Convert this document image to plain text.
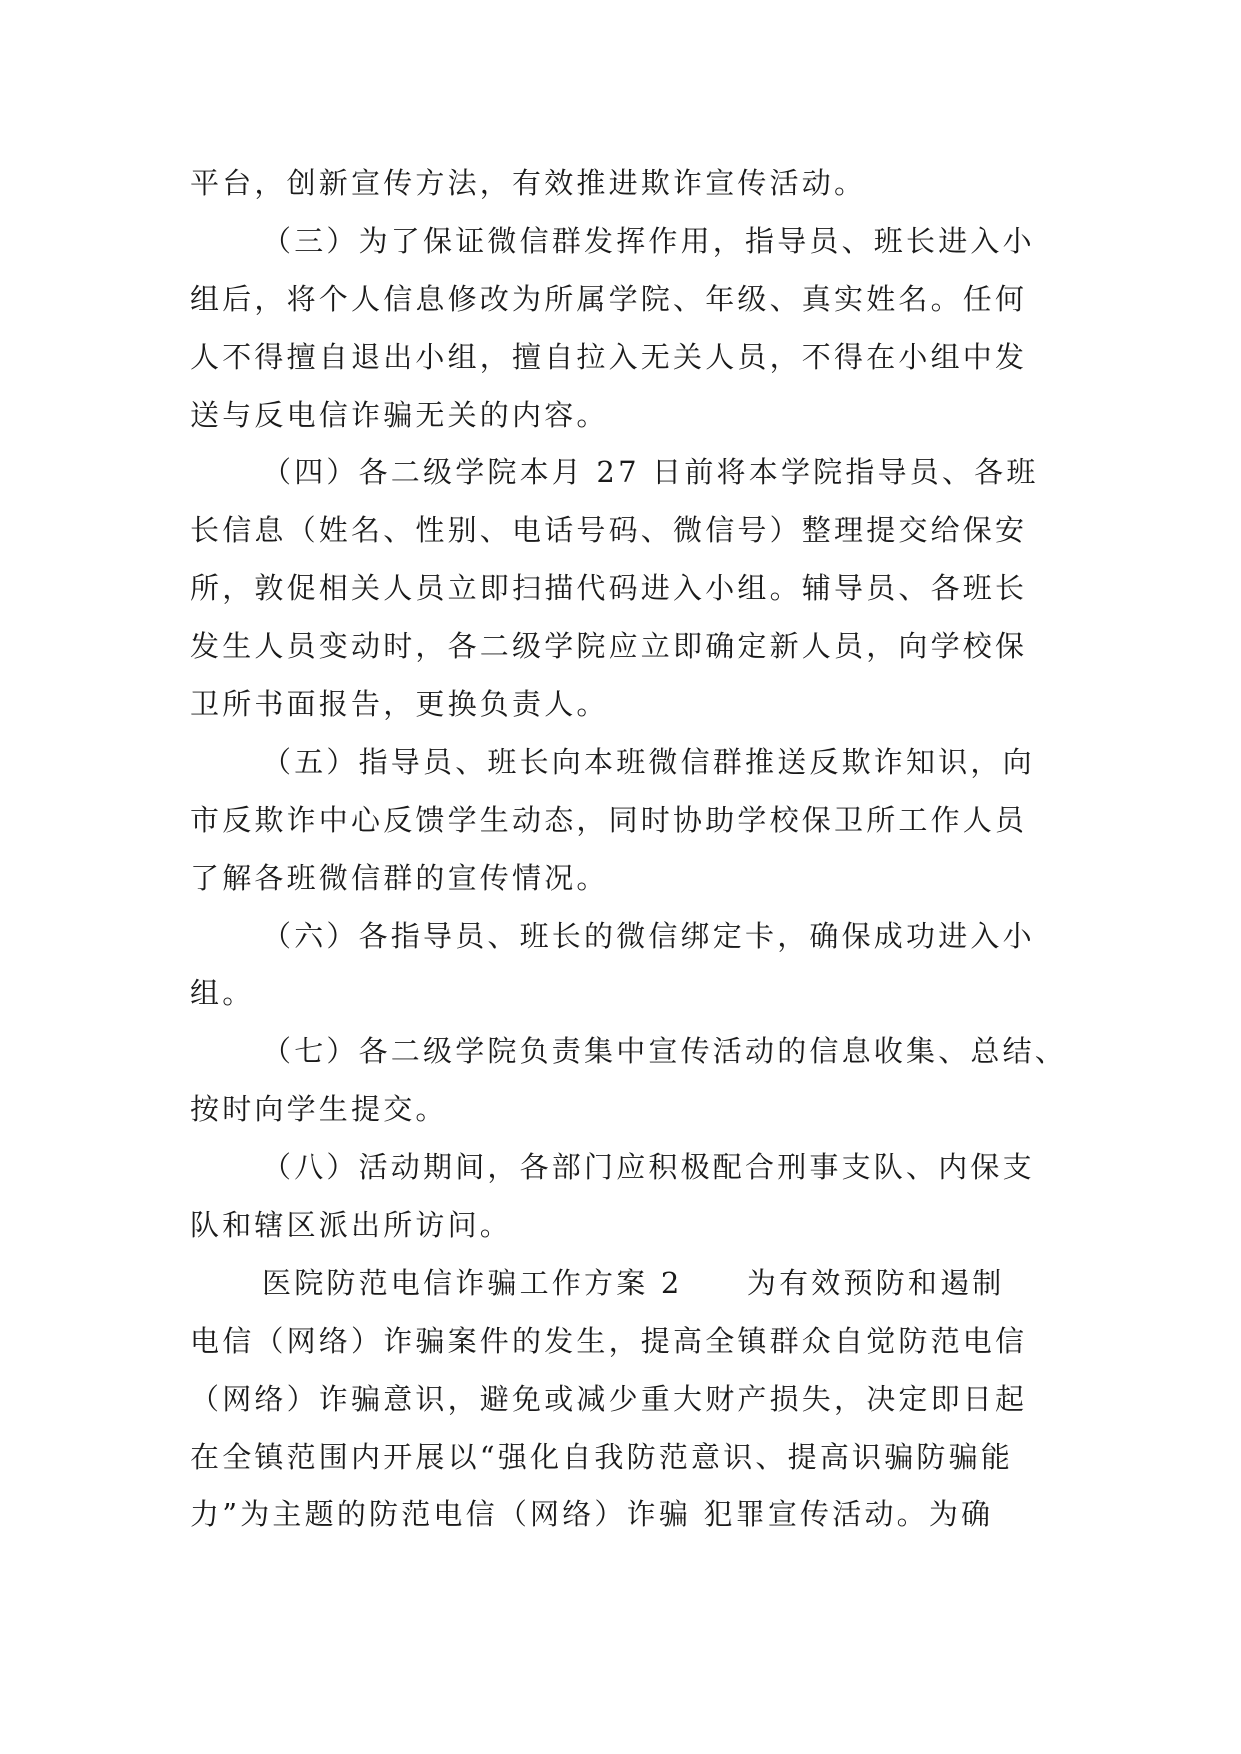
平台，创新宣传方法，有效推进欺诈宣传活动。
（三）为了保证微信群发挥作用，指导员、班长进入小
组后，将个人信息修改为所属学院、年级、真实姓名。任何
人不得擅自退出小组，擅自拉入无关人员，不得在小组中发
送与反电信诈骗无关的内容。
（四）各二级学院本月 27 日前将本学院指导员、各班
长信息（姓名、性别、电话号码、微信号）整理提交给保安
所，敦促相关人员立即扫描代码进入小组。辅导员、各班长
发生人员变动时，各二级学院应立即确定新人员，向学校保
卫所书面报告，更换负责人。
（五）指导员、班长向本班微信群推送反欺诈知识，向
市反欺诈中心反馈学生动态，同时协助学校保卫所工作人员
了解各班微信群的宣传情况。
（六）各指导员、班长的微信绑定卡，确保成功进入小
组。
（七）各二级学院负责集中宣传活动的信息收集、总结、
按时向学生提交。
（八）活动期间，各部门应积极配合刑事支队、内保支
队和辖区派出所访问。
医院防范电信诈骗工作方案 2　　为有效预防和遏制
电信（网络）诈骗案件的发生，提高全镇群众自觉防范电信
（网络）诈骗意识，避免或减少重大财产损失，决定即日起
在全镇范围内开展以“强化自我防范意识、提高识骗防骗能
力”为主题的防范电信（网络）诈骗 犯罪宣传活动。为确
